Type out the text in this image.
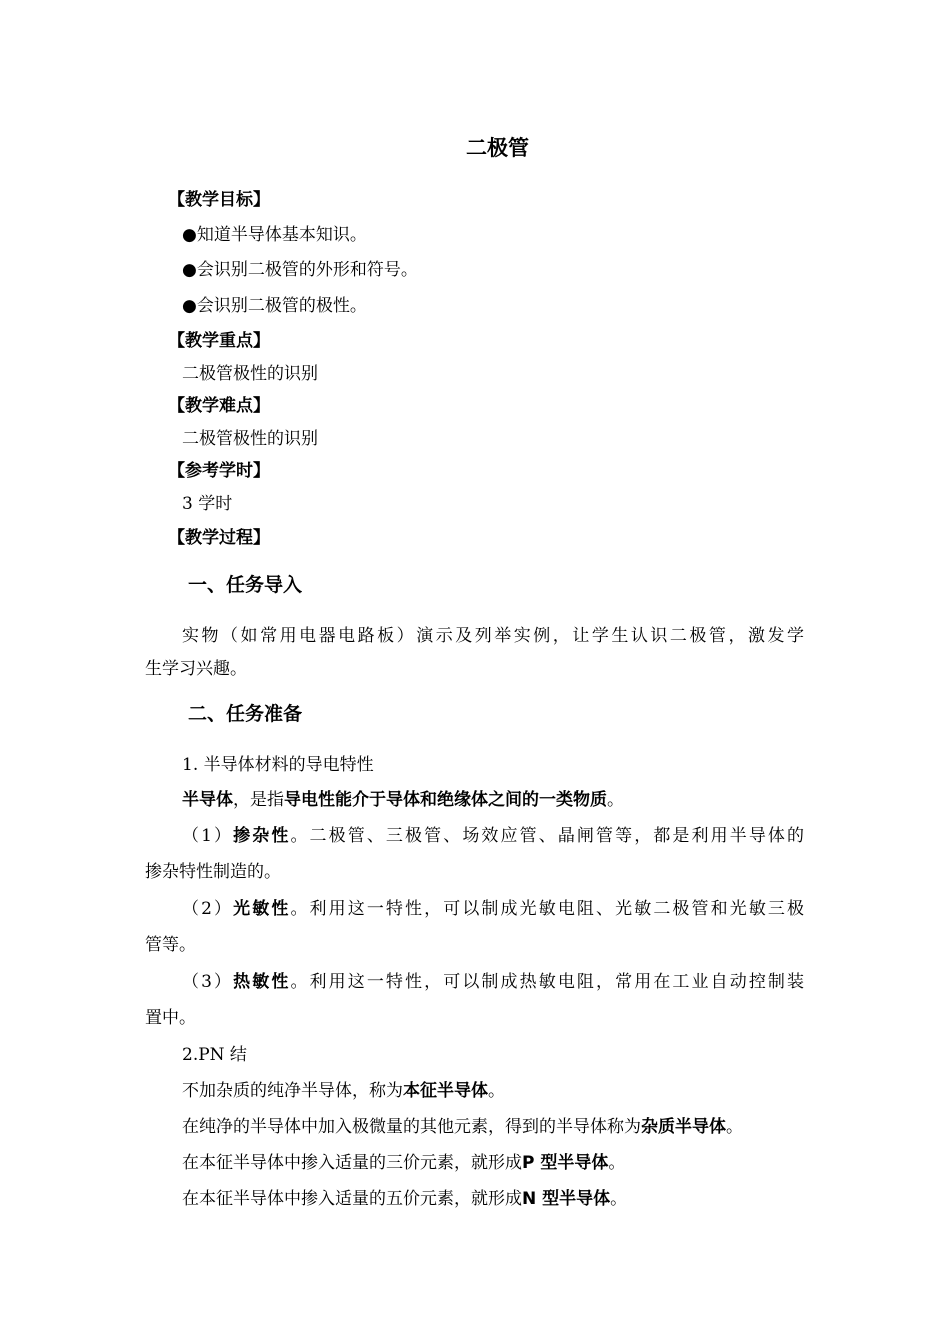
二极管
【教学目标】
●知道半导体基本知识。
●会识别二极管的外形和符号。
●会识别二极管的极性。
【教学重点】
二极管极性的识别
【教学难点】
二极管极性的识别
【参考学时】
3 学时
【教学过程】
一、任务导入
实物（如常用电器电路板）演示及列举实例，让学生认识二极管，激发学
生学习兴趣。
二、任务准备
1. 半导体材料的导电特性
半导体，是指导电性能介于导体和绝缘体之间的一类物质。
（1）掺杂性。二极管、三极管、场效应管、晶闸管等，都是利用半导体的
掺杂特性制造的。
（2）光敏性。利用这一特性，可以制成光敏电阻、光敏二极管和光敏三极
管等。
（3）热敏性。利用这一特性，可以制成热敏电阻，常用在工业自动控制装
置中。
2.PN 结
不加杂质的纯净半导体，称为本征半导体。
在纯净的半导体中加入极微量的其他元素，得到的半导体称为杂质半导体。
在本征半导体中掺入适量的三价元素，就形成P 型半导体。
在本征半导体中掺入适量的五价元素，就形成N 型半导体。
